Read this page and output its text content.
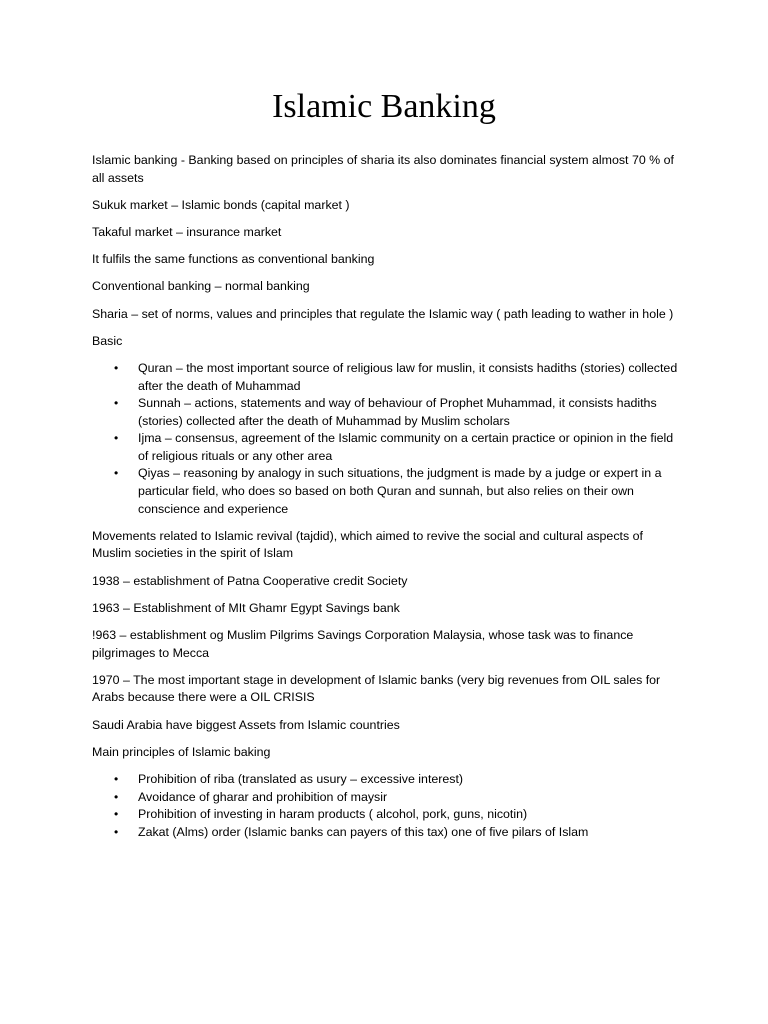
Islamic Banking

Islamic banking - Banking based on principles of sharia its also dominates financial system almost 70 % of all assets

Sukuk market – Islamic bonds (capital market )

Takaful market – insurance market

It fulfils the same functions as conventional banking

Conventional banking – normal banking

Sharia – set of norms, values and principles that regulate the Islamic way ( path leading to wather in hole )

Basic

• Quran – the most important source of religious law for muslin, it consists hadiths (stories) collected after the death of Muhammad
• Sunnah – actions, statements and way of behaviour of Prophet Muhammad, it consists hadiths (stories) collected after the death of Muhammad by Muslim scholars
• Ijma – consensus, agreement of the Islamic community on a certain practice or opinion in the field of religious rituals or any other area
• Qiyas – reasoning by analogy in such situations, the judgment is made by a judge or expert in a particular field, who does so based on both Quran and sunnah, but also relies on their own conscience and experience

Movements related to Islamic revival (tajdid), which aimed to revive the social and cultural aspects of Muslim societies in the spirit of Islam

1938 – establishment of Patna Cooperative credit Society

1963 – Establishment of MIt Ghamr Egypt Savings bank

!963 – establishment og Muslim Pilgrims Savings Corporation Malaysia, whose task was to finance pilgrimages to Mecca

1970 – The most important stage in development of Islamic banks (very big revenues from OIL sales for Arabs because there were a OIL CRISIS

Saudi Arabia have biggest Assets from Islamic countries

Main principles of Islamic baking

• Prohibition of riba (translated as usury – excessive interest)
• Avoidance of gharar and prohibition of maysir
• Prohibition of investing in haram products ( alcohol, pork, guns, nicotin)
• Zakat (Alms) order (Islamic banks can payers of this tax) one of five pilars of Islam
